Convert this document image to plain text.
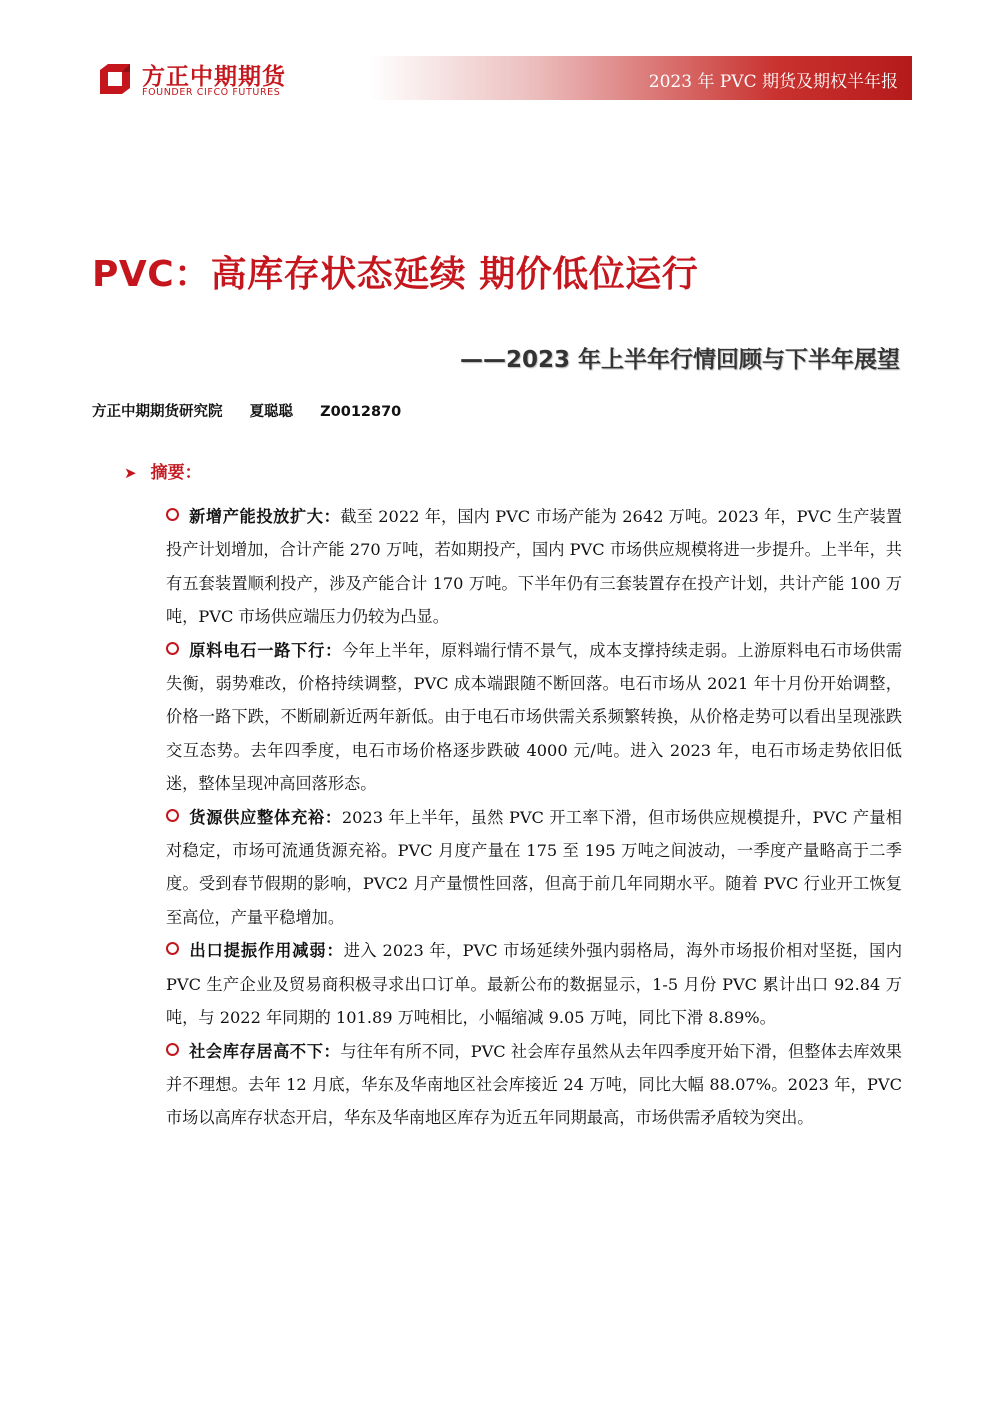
方正中期期货
FOUNDER CIFCO FUTURES
2023 年 PVC 期货及期权半年报
PVC：高库存状态延续 期价低位运行
——2023 年上半年行情回顾与下半年展望
方正中期期货研究院 夏聪聪 Z0012870
➤ 摘要：

新增产能投放扩大：截至 2022 年，国内 PVC 市场产能为 2642 万吨。2023 年，PVC 生产装置投产计划增加，合计产能 270 万吨，若如期投产，国内 PVC 市场供应规模将进一步提升。上半年，共有五套装置顺利投产，涉及产能合计 170 万吨。下半年仍有三套装置存在投产计划，共计产能 100 万吨，PVC 市场供应端压力仍较为凸显。

原料电石一路下行：今年上半年，原料端行情不景气，成本支撑持续走弱。上游原料电石市场供需失衡，弱势难改，价格持续调整，PVC 成本端跟随不断回落。电石市场从 2021 年十月份开始调整，价格一路下跌，不断刷新近两年新低。由于电石市场供需关系频繁转换，从价格走势可以看出呈现涨跌交互态势。去年四季度，电石市场价格逐步跌破 4000 元/吨。进入 2023 年，电石市场走势依旧低迷，整体呈现冲高回落形态。

货源供应整体充裕：2023 年上半年，虽然 PVC 开工率下滑，但市场供应规模提升，PVC 产量相对稳定，市场可流通货源充裕。PVC 月度产量在 175 至 195 万吨之间波动，一季度产量略高于二季度。受到春节假期的影响，PVC2 月产量惯性回落，但高于前几年同期水平。随着 PVC 行业开工恢复至高位，产量平稳增加。

出口提振作用减弱：进入 2023 年，PVC 市场延续外强内弱格局，海外市场报价相对坚挺，国内 PVC 生产企业及贸易商积极寻求出口订单。最新公布的数据显示，1-5 月份 PVC 累计出口 92.84 万吨，与 2022 年同期的 101.89 万吨相比，小幅缩减 9.05 万吨，同比下滑 8.89%。

社会库存居高不下：与往年有所不同，PVC 社会库存虽然从去年四季度开始下滑，但整体去库效果并不理想。去年 12 月底，华东及华南地区社会库接近 24 万吨，同比大幅 88.07%。2023 年，PVC 市场以高库存状态开启，华东及华南地区库存为近五年同期最高，市场供需矛盾较为突出。
